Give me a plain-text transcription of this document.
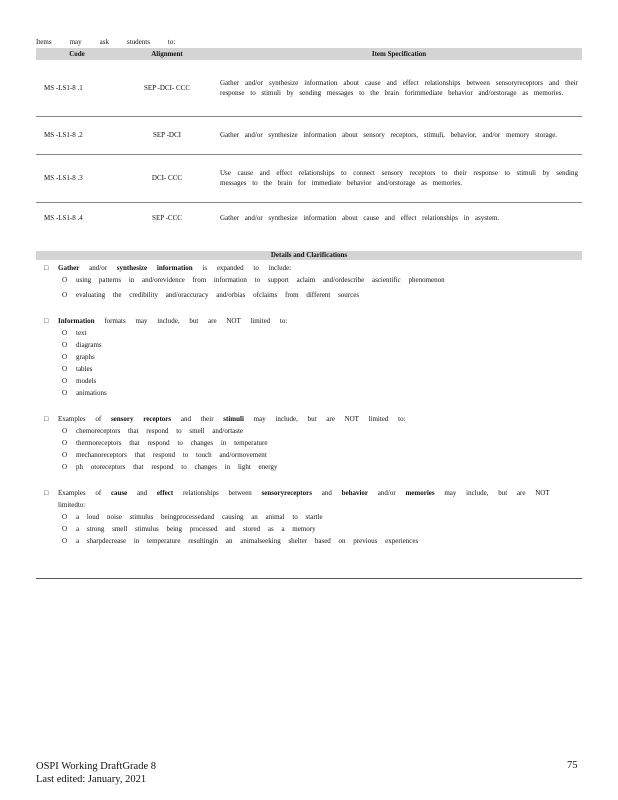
Items	may	ask	students	to:
Code	Alignment	Item Specification
MS -LS1-8 .1	SEP -DCI- CCC	Gather and/or synthesize information about cause and effect relationships between sensoryreceptors and their response to stimuli by sending messages to the brain forimmediate behavior and/orstorage as memories.
MS -LS1-8 .2	SEP -DCI	Gather and/or synthesize information about sensory receptors, stimuli, behavior, and/or memory storage.
MS -LS1-8 .3	DCI- CCC	Use cause and effect relationships to connect sensory receptors to their response to stimuli by sending messages to the brain for immediate behavior and/orstorage as memories.
MS -LS1-8 .4	SEP -CCC	Gather and/or synthesize information about cause and effect relationships in asystem.
Details and Clarifications
□ Gather and/or synthesize information is expanded to include:
O using patterns in and/orevidence from information to support aclaim and/ordescribe ascientific phenomenon
O evaluating the credibility and/oraccuracy and/orbias ofclaims from different sources
□ Information formats may include, but are NOT limited to:
O text
O diagrams
O graphs
O tables
O models
O animations
□ Examples of sensory receptors and their stimuli may include, but are NOT limited to:
O chemoreceptors that respond to smell and/ortaste
O thermoreceptors that respond to changes in temperature
O mechanoreceptors that respond to touch and/ormovement
O ph otoreceptors that respond to changes in light energy
□ Examples of cause and effect relationships between sensoryreceptors and behavior and/or memories may include, but are NOT limitedto:
O a loud noise stimulus beingprocessedand causing an animal to startle
O a strong smell stimulus being processed and stored as a memory
O a sharpdecrease in temperature resultingin an animalseeking shelter based on previous experiences
OSPI Working DraftGrade 8
Last edited: January, 2021
75
